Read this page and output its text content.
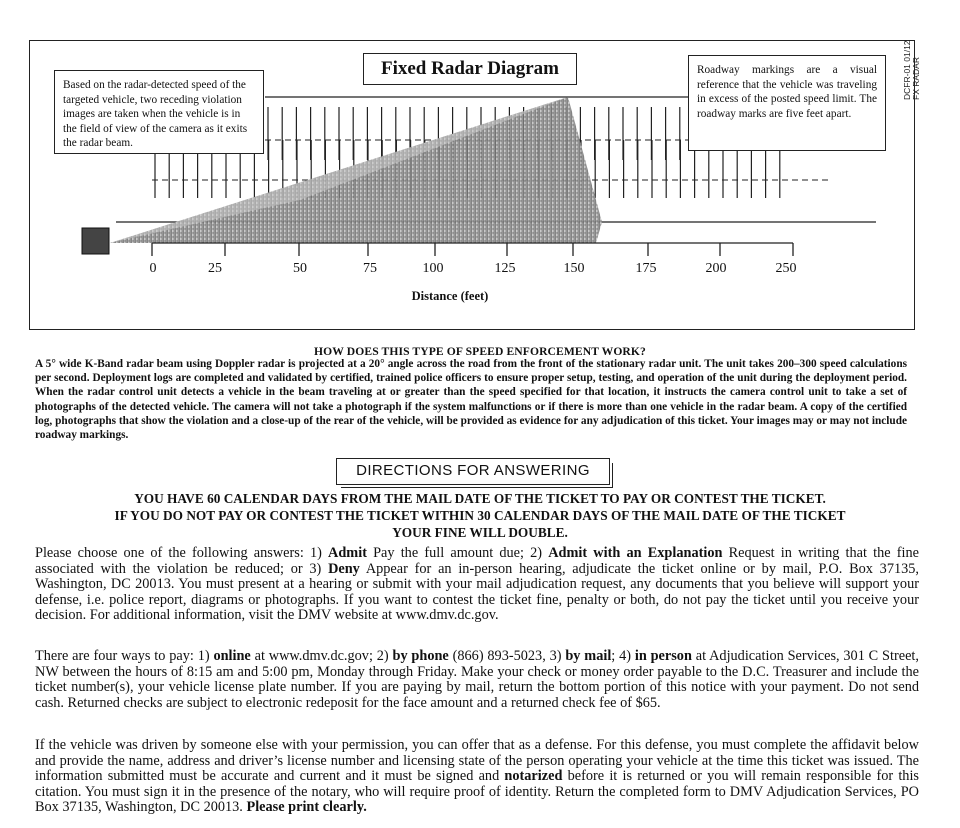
Fixed Radar Diagram
Based on the radar-detected speed of the targeted vehicle, two receding violation images are taken when the vehicle is in the field of view of the camera as it exits the radar beam.
Roadway markings are a visual reference that the vehicle was traveling in excess of the posted speed limit. The roadway marks are five feet apart.
DCFR-01 01/12
FX RADAR
0	25	50	75	100	125	150	175	200	250
Distance (feet)
HOW DOES THIS TYPE OF SPEED ENFORCEMENT WORK?
A 5° wide K-Band radar beam using Doppler radar is projected at a 20° angle across the road from the front of the stationary radar unit. The unit takes 200–300 speed calculations per second. Deployment logs are completed and validated by certified, trained police officers to ensure proper setup, testing, and operation of the unit during the deployment period. When the radar control unit detects a vehicle in the beam traveling at or greater than the speed specified for that location, it instructs the camera control unit to take a set of photographs of the detected vehicle. The camera will not take a photograph if the system malfunctions or if there is more than one vehicle in the radar beam. A copy of the certified log, photographs that show the violation and a close-up of the rear of the vehicle, will be provided as evidence for any adjudication of this ticket. Your images may or may not include roadway markings.
DIRECTIONS FOR ANSWERING
YOU HAVE 60 CALENDAR DAYS FROM THE MAIL DATE OF THE TICKET TO PAY OR CONTEST THE TICKET.
IF YOU DO NOT PAY OR CONTEST THE TICKET WITHIN 30 CALENDAR DAYS OF THE MAIL DATE OF THE TICKET
YOUR FINE WILL DOUBLE.
Please choose one of the following answers: 1) Admit Pay the full amount due; 2) Admit with an Explanation Request in writing that the fine associated with the violation be reduced; or 3) Deny Appear for an in-person hearing, adjudicate the ticket online or by mail, P.O. Box 37135, Washington, DC 20013. You must present at a hearing or submit with your mail adjudication request, any documents that you believe will support your defense, i.e. police report, diagrams or photographs. If you want to contest the ticket fine, penalty or both, do not pay the ticket until you receive your decision. For additional information, visit the DMV website at www.dmv.dc.gov.
There are four ways to pay: 1) online at www.dmv.dc.gov; 2) by phone (866) 893-5023, 3) by mail; 4) in person at Adjudication Services, 301 C Street, NW between the hours of 8:15 am and 5:00 pm, Monday through Friday. Make your check or money order payable to the D.C. Treasurer and include the ticket number(s), your vehicle license plate number. If you are paying by mail, return the bottom portion of this notice with your payment. Do not send cash. Returned checks are subject to electronic redeposit for the face amount and a returned check fee of $65.
If the vehicle was driven by someone else with your permission, you can offer that as a defense. For this defense, you must complete the affidavit below and provide the name, address and driver’s license number and licensing state of the person operating your vehicle at the time this ticket was issued. The information submitted must be accurate and current and it must be signed and notarized before it is returned or you will remain responsible for this citation. You must sign it in the presence of the notary, who will require proof of identity. Return the completed form to DMV Adjudication Services, PO Box 37135, Washington, DC 20013. Please print clearly.
